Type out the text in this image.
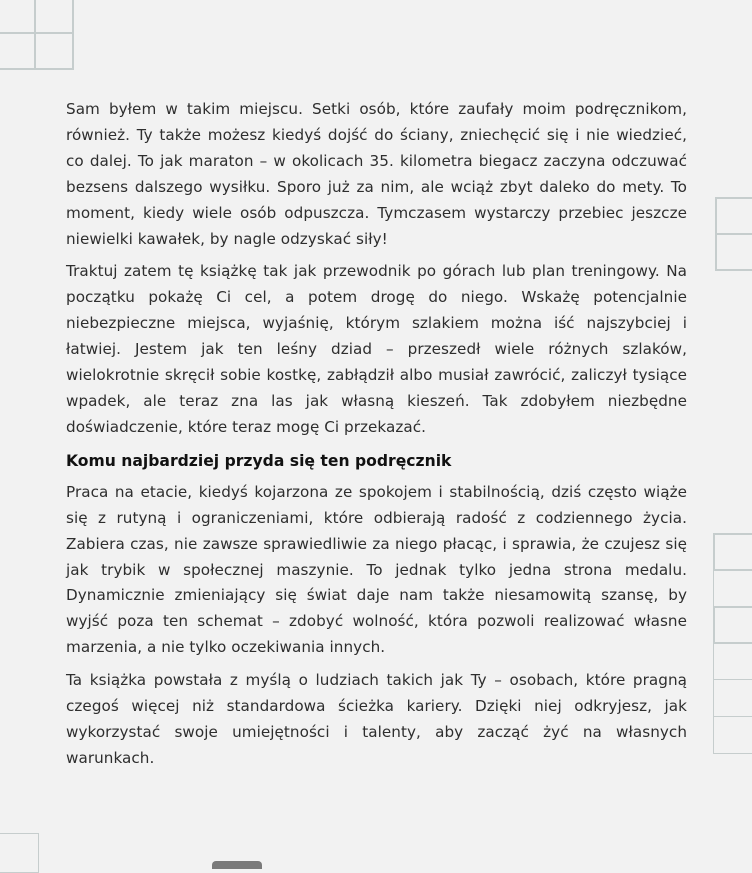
Sam byłem w takim miejscu. Setki osób, które zaufały moim podręcznikom, również. Ty także możesz kiedyś dojść do ściany, zniechęcić się i nie wiedzieć, co dalej. To jak maraton – w okolicach 35. kilometra biegacz zaczyna odczuwać bezsens dalszego wysiłku. Sporo już za nim, ale wciąż zbyt daleko do mety. To moment, kiedy wiele osób odpuszcza. Tymczasem wystarczy przebiec jeszcze niewielki kawałek, by nagle odzyskać siły!

Traktuj zatem tę książkę tak jak przewodnik po górach lub plan treningowy. Na początku pokażę Ci cel, a potem drogę do niego. Wskażę potencjalnie niebezpieczne miejsca, wyjaśnię, którym szlakiem można iść najszybciej i łatwiej. Jestem jak ten leśny dziad – przeszedł wiele różnych szlaków, wielokrotnie skręcił sobie kostkę, zabłądził albo musiał zawrócić, zaliczył tysiące wpadek, ale teraz zna las jak własną kieszeń. Tak zdobyłem niezbędne doświadczenie, które teraz mogę Ci przekazać.

Komu najbardziej przyda się ten podręcznik

Praca na etacie, kiedyś kojarzona ze spokojem i stabilnością, dziś często wiąże się z rutyną i ograniczeniami, które odbierają radość z codziennego życia. Zabiera czas, nie zawsze sprawiedliwie za niego płacąc, i sprawia, że czujesz się jak trybik w społecznej maszynie. To jednak tylko jedna strona medalu. Dynamicznie zmieniający się świat daje nam także niesamowitą szansę, by wyjść poza ten schemat – zdobyć wolność, która pozwoli realizować własne marzenia, a nie tylko oczekiwania innych.

Ta książka powstała z myślą o ludziach takich jak Ty – osobach, które pragną czegoś więcej niż standardowa ścieżka kariery. Dzięki niej odkryjesz, jak wykorzystać swoje umiejętności i talenty, aby zacząć żyć na własnych warunkach.
